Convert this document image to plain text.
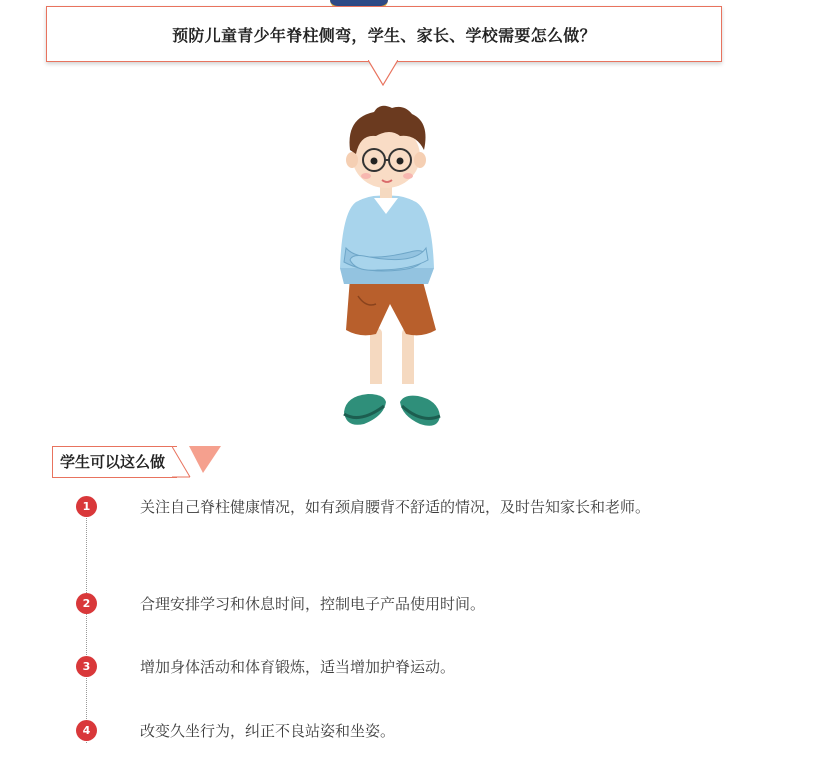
预防儿童青少年脊柱侧弯，学生、家长、学校需要怎么做？
学生可以这么做
1	关注自己脊柱健康情况，如有颈肩腰背不舒适的情况，及时告知家长和老师。
2	合理安排学习和休息时间，控制电子产品使用时间。
3	增加身体活动和体育锻炼，适当增加护脊运动。
4	改变久坐行为，纠正不良站姿和坐姿。
